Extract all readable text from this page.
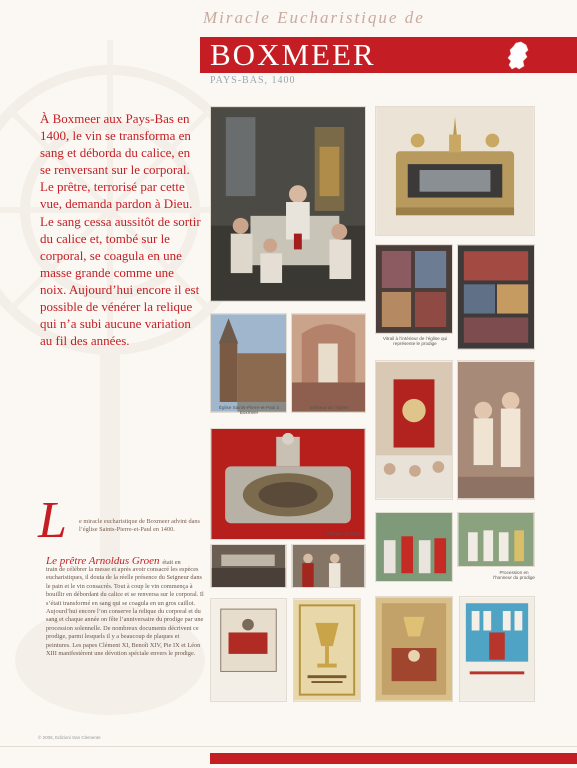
Miracle Eucharistique de
BOXMEER
PAYS-BAS, 1400
À Boxmeer aux Pays-Bas en 1400, le vin se transforma en sang et déborda du calice, en se renversant sur le corporal. Le prêtre, terrorisé par cette vue, demanda pardon à Dieu. Le sang cessa aussitôt de sortir du calice et, tombé sur le corporal, se coagula en une masse grande comme une noix. Aujourd’hui encore il est possible de vénérer la relique qui n’a subi aucune variation au fil des années.	Vitrail à l’intérieur de l’église qui représente le prodige
Église Saints-Pierre-et-Paul à Boxmeer
Intérieur de l’église
Relique du sang
Procession en l’honneur du prodige
L e miracle eucharistique de Boxmeer advint dans l’église Saints-Pierre-et-Paul en 1400.
Le prêtre Arnoldus Groen était en
train de célébrer la messe et après avoir consacré les espèces eucharistiques, il douta de la réelle présence du Seigneur dans le pain et le vin consacrés. Tout à coup le vin commença à bouillir en débordant du calice et se renversa sur le corporal. Il s’était transformé en sang qui se coagula en un gros caillot. Aujourd’hui encore l’on conserve la relique du corporal et du sang et chaque année on fête l’anniversaire du prodige par une procession solennelle. De nombreux documents décrivent ce prodige, parmi lesquels il y a beaucoup de plaques et peintures. Les papes Clément XI, Benoît XIV, Pie IX et Léon XIII manifestèrent une dévotion spéciale envers le prodige.
© 2006, Edizioni San Clemente
